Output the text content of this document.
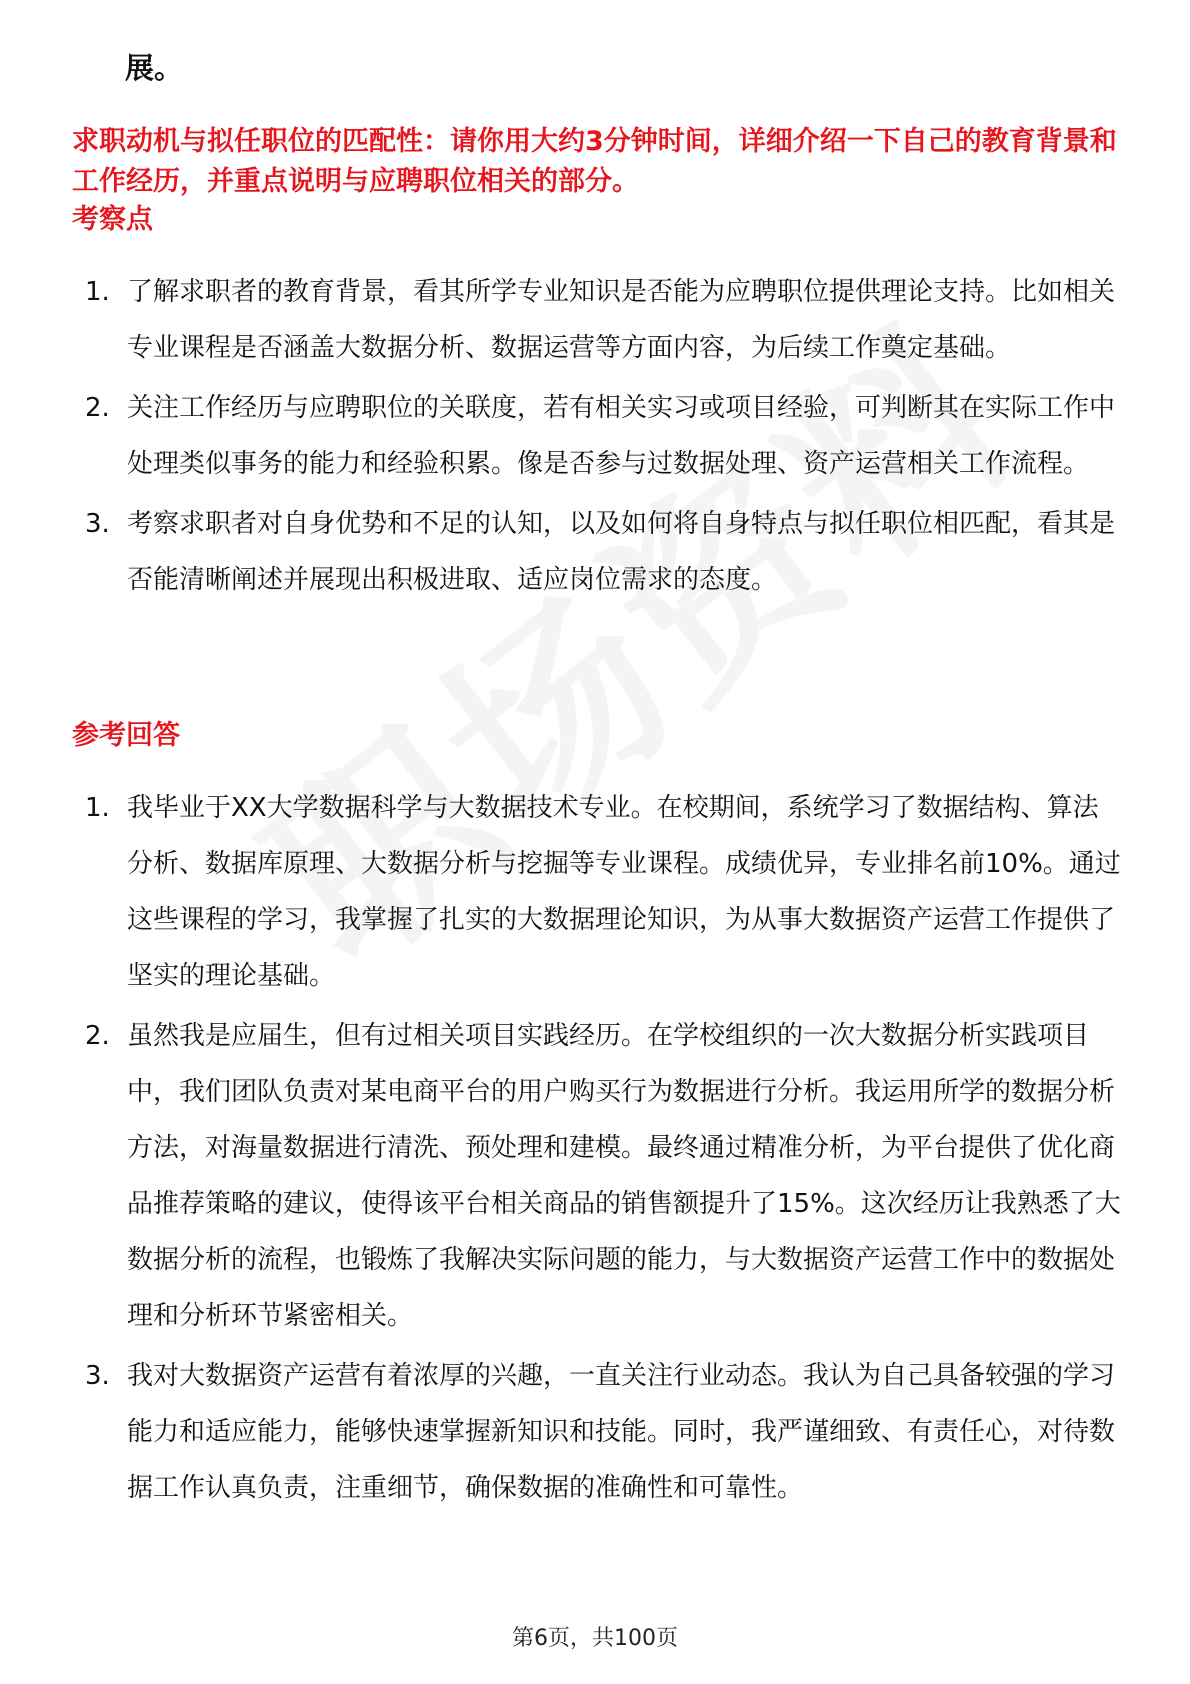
展。
求职动机与拟任职位的匹配性：请你用大约3分钟时间，详细介绍一下自己的教育背景和工作经历，并重点说明与应聘职位相关的部分。
考察点
1. 了解求职者的教育背景，看其所学专业知识是否能为应聘职位提供理论支持。比如相关专业课程是否涵盖大数据分析、数据运营等方面内容，为后续工作奠定基础。
2. 关注工作经历与应聘职位的关联度，若有相关实习或项目经验，可判断其在实际工作中处理类似事务的能力和经验积累。像是否参与过数据处理、资产运营相关工作流程。
3. 考察求职者对自身优势和不足的认知，以及如何将自身特点与拟任职位相匹配，看其是否能清晰阐述并展现出积极进取、适应岗位需求的态度。
参考回答
1. 我毕业于XX大学数据科学与大数据技术专业。在校期间，系统学习了数据结构、算法分析、数据库原理、大数据分析与挖掘等专业课程。成绩优异，专业排名前10%。通过这些课程的学习，我掌握了扎实的大数据理论知识，为从事大数据资产运营工作提供了坚实的理论基础。
2. 虽然我是应届生，但有过相关项目实践经历。在学校组织的一次大数据分析实践项目中，我们团队负责对某电商平台的用户购买行为数据进行分析。我运用所学的数据分析方法，对海量数据进行清洗、预处理和建模。最终通过精准分析，为平台提供了优化商品推荐策略的建议，使得该平台相关商品的销售额提升了15%。这次经历让我熟悉了大数据分析的流程，也锻炼了我解决实际问题的能力，与大数据资产运营工作中的数据处理和分析环节紧密相关。
3. 我对大数据资产运营有着浓厚的兴趣，一直关注行业动态。我认为自己具备较强的学习能力和适应能力，能够快速掌握新知识和技能。同时，我严谨细致、有责任心，对待数据工作认真负责，注重细节，确保数据的准确性和可靠性。
第6页，共100页
